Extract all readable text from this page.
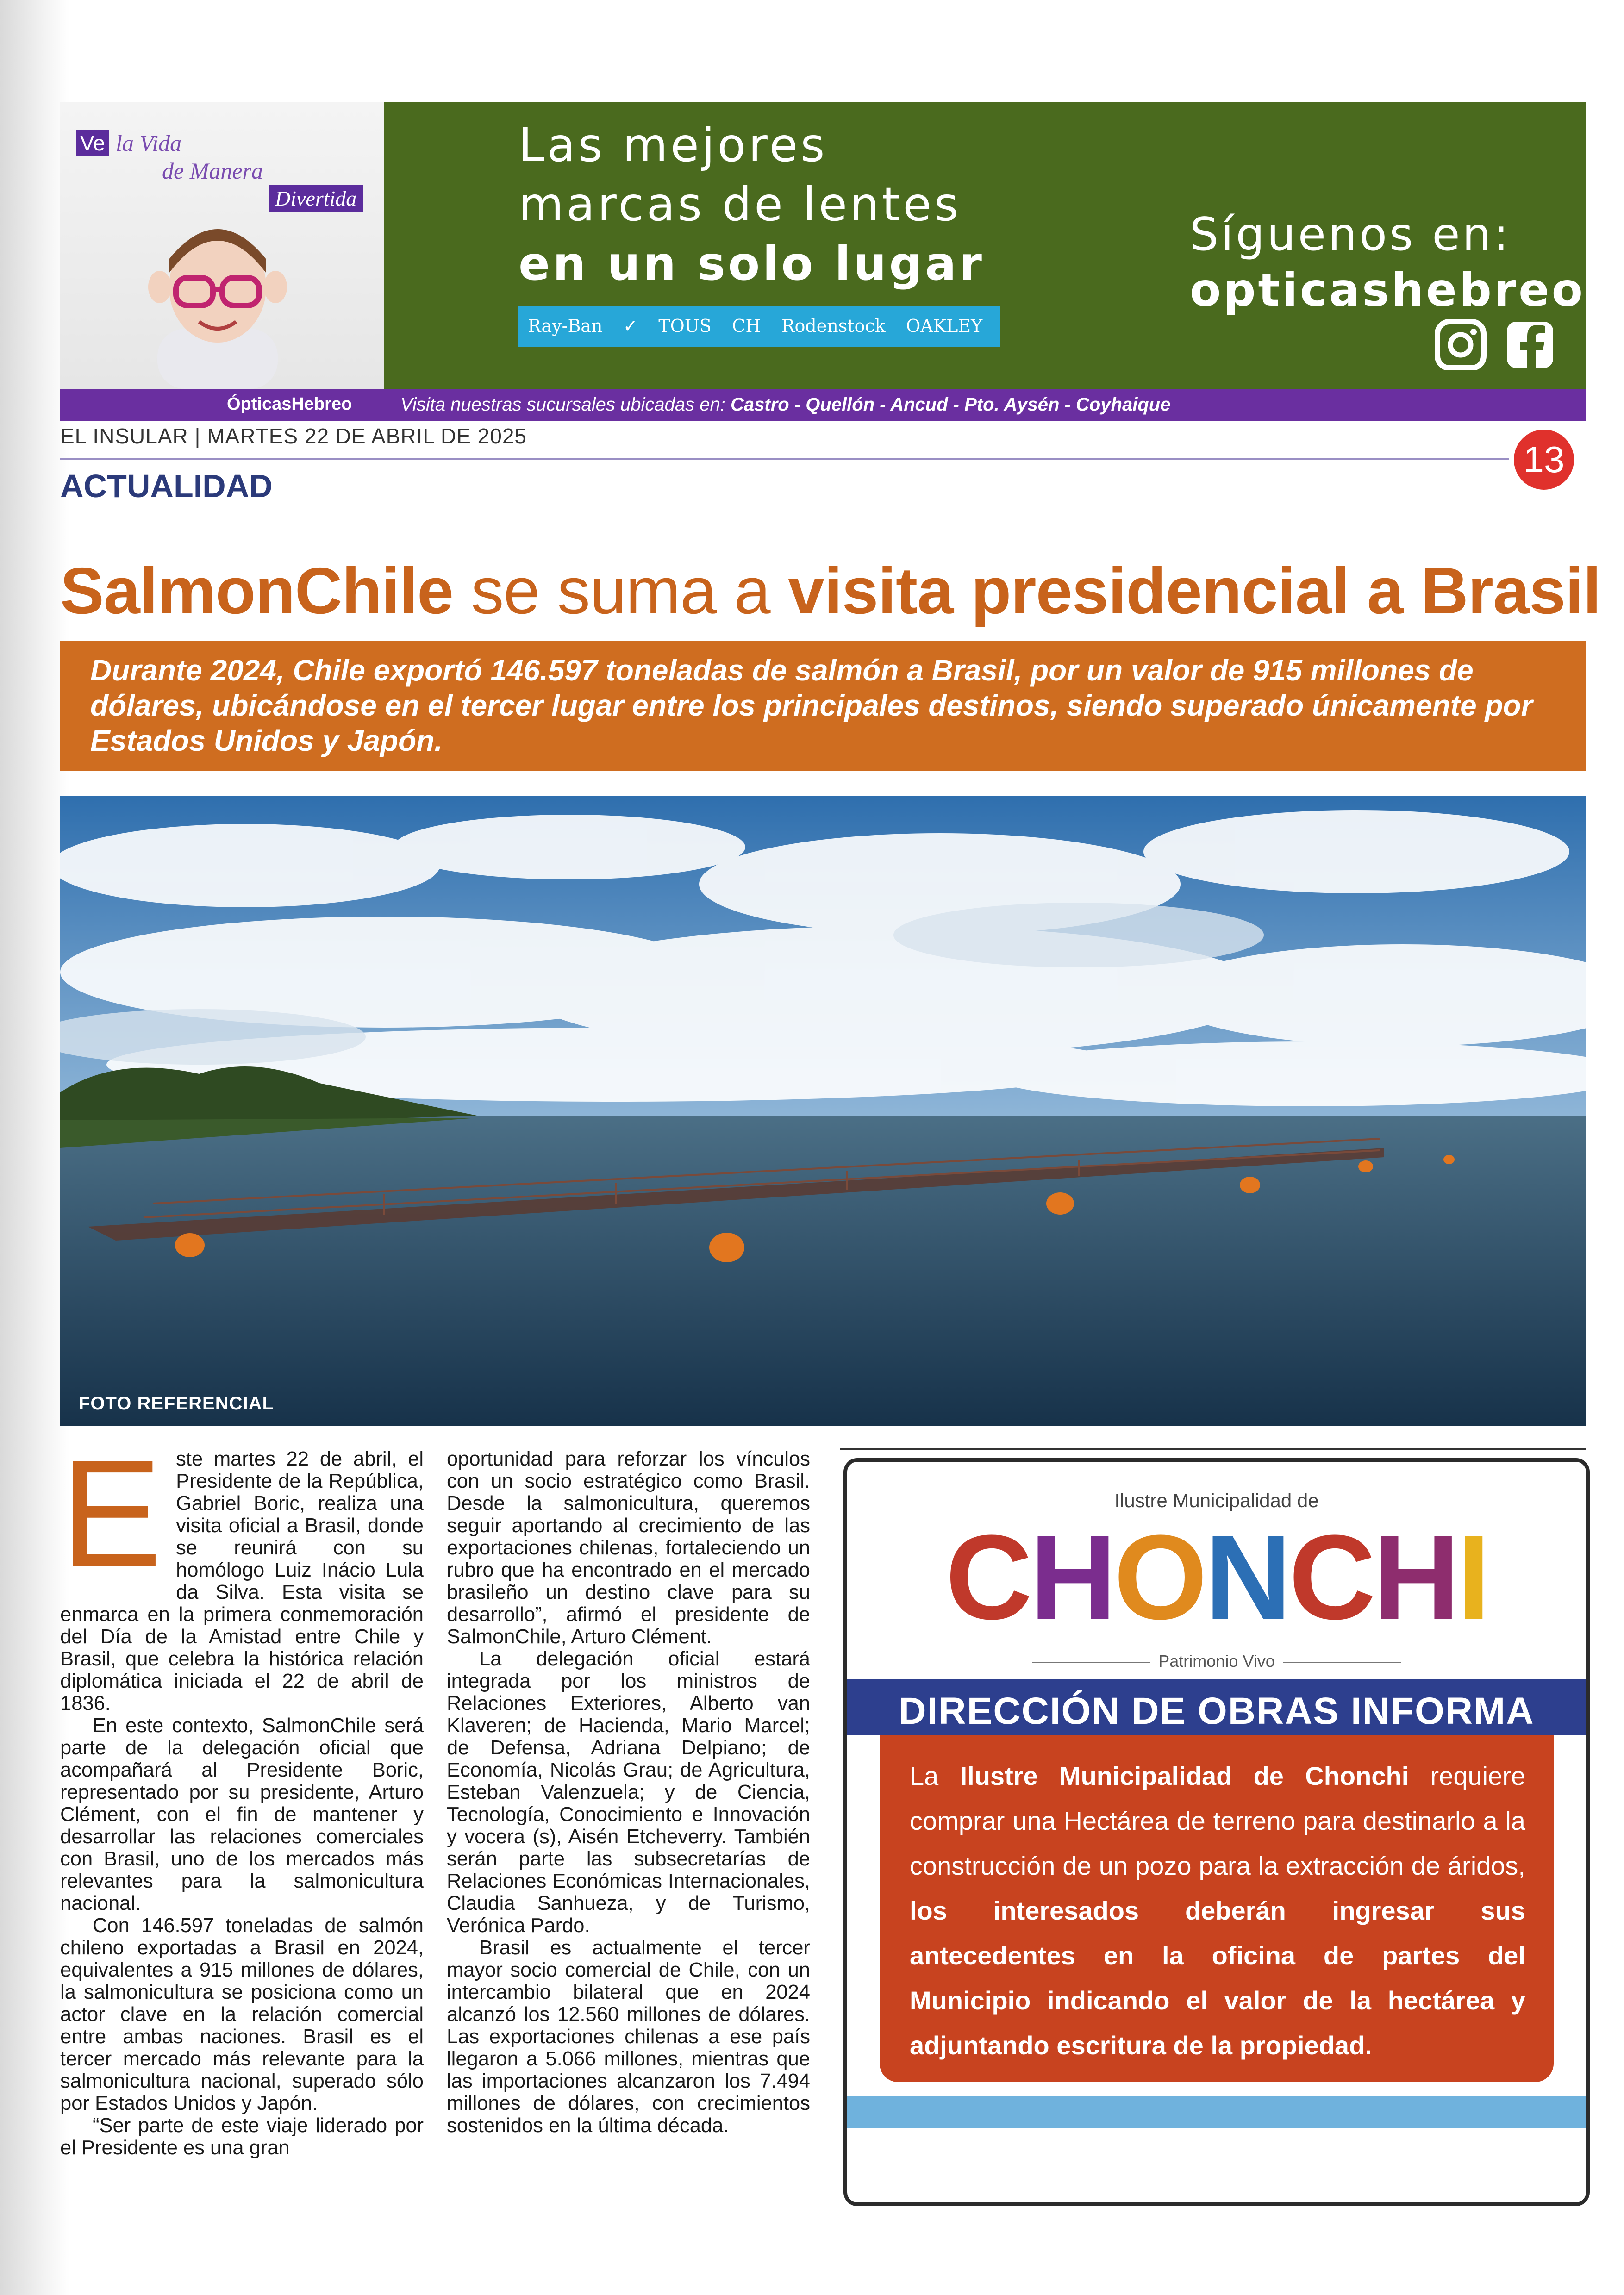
Ve la Vida
de Manera
Divertida
Las mejores
marcas de lentes
en un solo lugar
Ray-Ban ✓ TOUS CH Rodenstock OAKLEY
Síguenos en:
opticashebreo
Visita nuestras sucursales ubicadas en: Castro - Quellón - Ancud - Pto. Aysén - Coyhaique
ÓpticasHebreo
EL INSULAR | MARTES 22 DE ABRIL DE 2025
ACTUALIDAD
13
SalmonChile se suma a visita presidencial a Brasil
Durante 2024, Chile exportó 146.597 toneladas de salmón a Brasil, por un valor de 915 millones de dólares, ubicándose en el tercer lugar entre los principales destinos, siendo superado únicamente por Estados Unidos y Japón.
FOTO REFERENCIAL
E ste martes 22 de abril, el Presidente de la República, Gabriel Boric, realiza una visita oficial a Brasil, donde se reunirá con su homólogo Luiz Inácio Lula da Silva. Esta visita se enmarca en la primera conmemoración del Día de la Amistad entre Chile y Brasil, que celebra la histórica relación diplomática iniciada el 22 de abril de 1836.

En este contexto, SalmonChile será parte de la delegación oficial que acompañará al Presidente Boric, representado por su presidente, Arturo Clément, con el fin de mantener y desarrollar las relaciones comerciales con Brasil, uno de los mercados más relevantes para la salmonicultura nacional.

Con 146.597 toneladas de salmón chileno exportadas a Brasil en 2024, equivalentes a 915 millones de dólares, la salmonicultura se posiciona como un actor clave en la relación comercial entre ambas naciones. Brasil es el tercer mercado más relevante para la salmonicultura nacional, superado sólo por Estados Unidos y Japón.

“Ser parte de este viaje liderado por el Presidente es una gran

oportunidad para reforzar los vínculos con un socio estratégico como Brasil. Desde la salmonicultura, queremos seguir aportando al crecimiento de las exportaciones chilenas, fortaleciendo un rubro que ha encontrado en el mercado brasileño un destino clave para su desarrollo”, afirmó el presidente de SalmonChile, Arturo Clément.

La delegación oficial estará integrada por los ministros de Relaciones Exteriores, Alberto van Klaveren; de Hacienda, Mario Marcel; de Defensa, Adriana Delpiano; de Economía, Nicolás Grau; de Agricultura, Esteban Valenzuela; y de Ciencia, Tecnología, Conocimiento e Innovación y vocera (s), Aisén Etcheverry. También serán parte las subsecretarías de Relaciones Económicas Internacionales, Claudia Sanhueza, y de Turismo, Verónica Pardo.

Brasil es actualmente el tercer mayor socio comercial de Chile, con un intercambio bilateral que en 2024 alcanzó los 12.560 millones de dólares. Las exportaciones chilenas a ese país llegaron a 5.066 millones, mientras que las importaciones alcanzaron los 7.494 millones de dólares, con crecimientos sostenidos en la última década.

Ilustre Municipalidad de
CHONCHI
Patrimonio Vivo
DIRECCIÓN DE OBRAS INFORMA
La Ilustre Municipalidad de Chonchi requiere comprar una Hectárea de terreno para destinarlo a la construcción de un pozo para la extracción de áridos, los interesados deberán ingresar sus antecedentes en la oficina de partes del Municipio indicando el valor de la hectárea y adjuntando escritura de la propiedad.
